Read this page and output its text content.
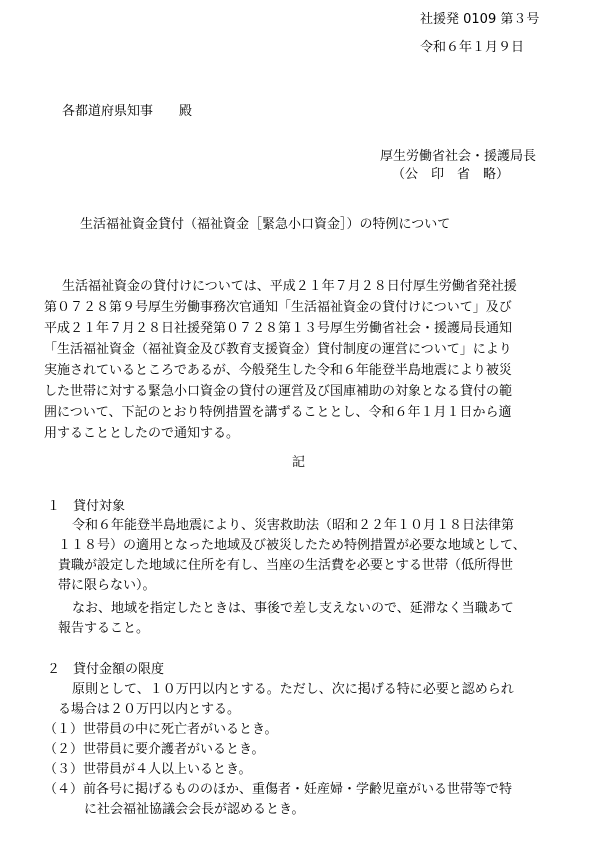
社援発 0109 第３号
令和６年１月９日
各都道府県知事　　殿
厚生労働省社会・援護局長
（公　印　省　略）
生活福祉資金貸付（福祉資金［緊急小口資金］）の特例について
生活福祉資金の貸付けについては、平成２１年７月２８日付厚生労働省発社援
第０７２８第９号厚生労働事務次官通知「生活福祉資金の貸付けについて」及び
平成２１年７月２８日社援発第０７２８第１３号厚生労働省社会・援護局長通知
「生活福祉資金（福祉資金及び教育支援資金）貸付制度の運営について」により
実施されているところであるが、今般発生した令和６年能登半島地震により被災
した世帯に対する緊急小口資金の貸付の運営及び国庫補助の対象となる貸付の範
囲について、下記のとおり特例措置を講ずることとし、令和６年１月１日から適
用することとしたので通知する。
記
１　貸付対象
令和６年能登半島地震により、災害救助法（昭和２２年１０月１８日法律第
１１８号）の適用となった地域及び被災したため特例措置が必要な地域として、
貴職が設定した地域に住所を有し、当座の生活費を必要とする世帯（低所得世
帯に限らない）。
なお、地域を指定したときは、事後で差し支えないので、延滞なく当職あて
報告すること。
２　貸付金額の限度
原則として、１０万円以内とする。ただし、次に掲げる特に必要と認められ
る場合は２０万円以内とする。
（１）世帯員の中に死亡者がいるとき。
（２）世帯員に要介護者がいるとき。
（３）世帯員が４人以上いるとき。
（４）前各号に掲げるもののほか、重傷者・妊産婦・学齢児童がいる世帯等で特
に社会福祉協議会会長が認めるとき。
